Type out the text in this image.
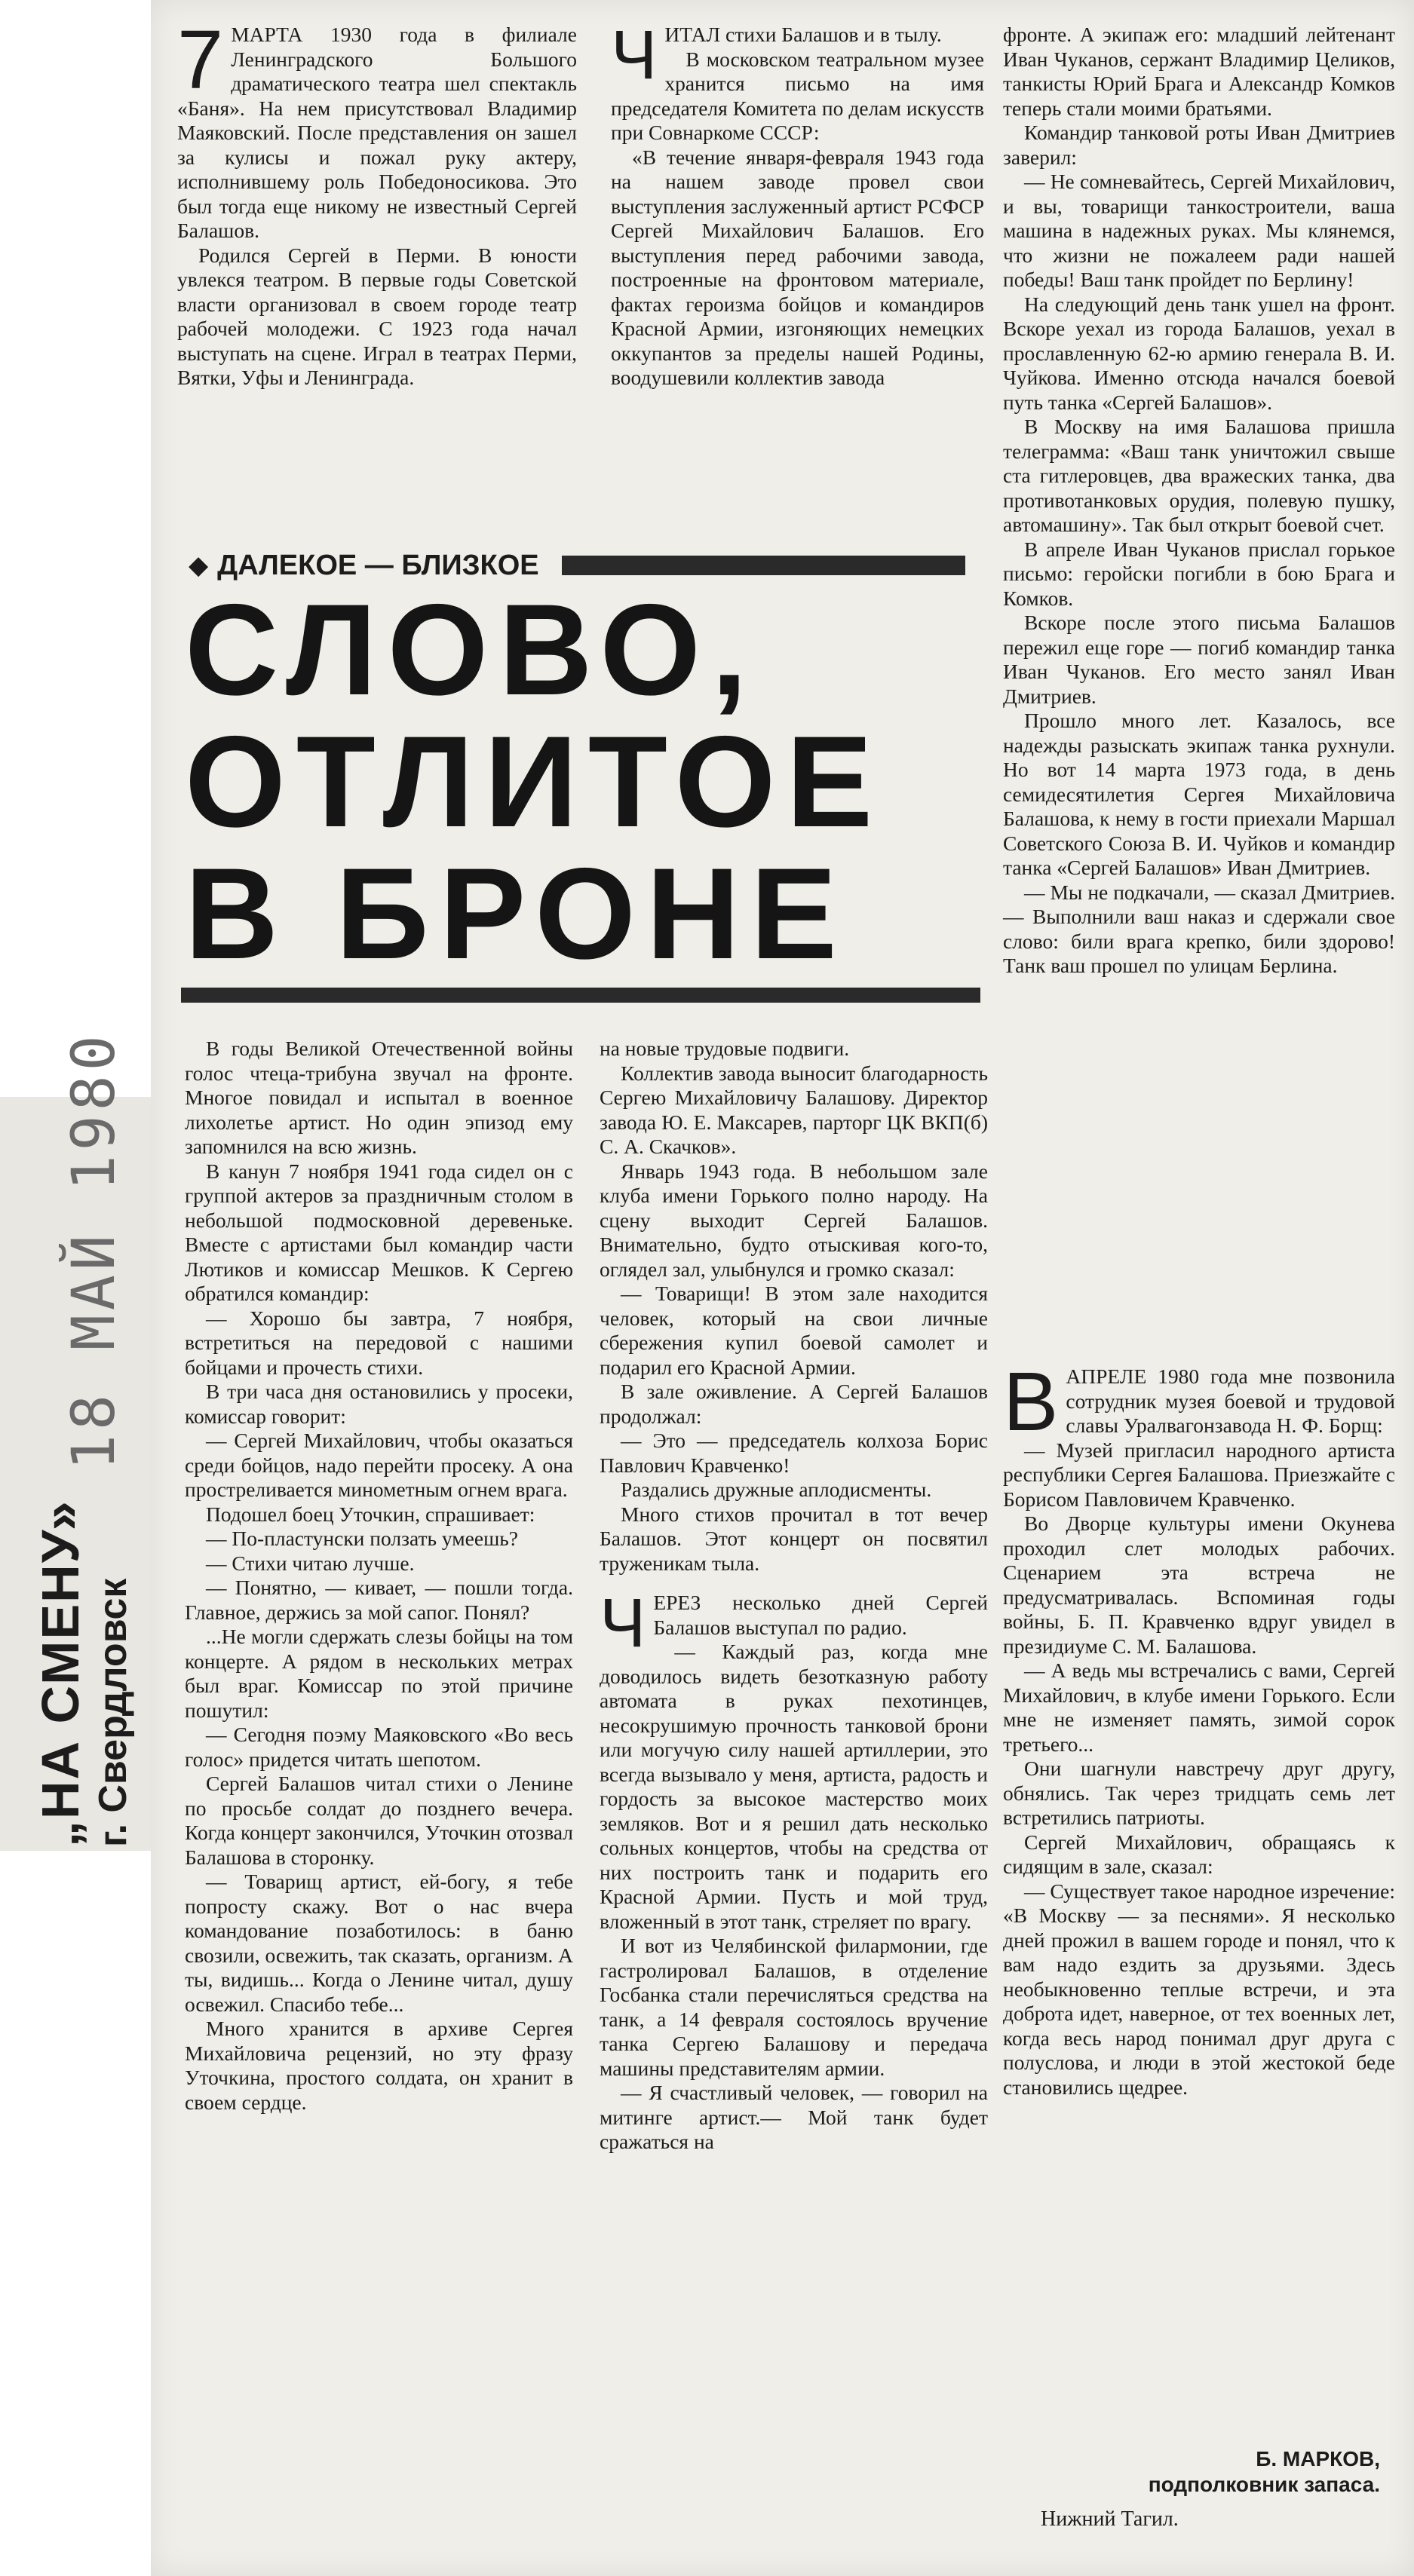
„НА СМЕНУ» г. Свердловск
18 МАЙ 1980
7 МАРТА 1930 года в филиале Ленинградского Большого драматического театра шел спектакль «Баня». На нем присутствовал Владимир Маяковский. После представления он зашел за кулисы и пожал руку актеру, исполнившему роль Победоносикова. Это был тогда еще никому не известный Сергей Балашов.

Родился Сергей в Перми. В юности увлекся театром. В первые годы Советской власти организовал в своем городе театр рабочей молодежи. С 1923 года начал выступать на сцене. Играл в театрах Перми, Вятки, Уфы и Ленинграда.

Ч ИТАЛ стихи Балашов и в тылу.

В московском театральном музее хранится письмо на имя председателя Комитета по делам искусств при Совнаркоме СССР:

«В течение января-февраля 1943 года на нашем заводе провел свои выступления заслуженный артист РСФСР Сергей Михайлович Балашов. Его выступления перед рабочими завода, построенные на фронтовом материале, фактах героизма бойцов и командиров Красной Армии, изгоняющих немецких оккупантов за пределы нашей Родины, воодушевили коллектив завода

фронте. А экипаж его: младший лейтенант Иван Чуканов, сержант Владимир Целиков, танкисты Юрий Брага и Александр Комков теперь стали моими братьями.

Командир танковой роты Иван Дмитриев заверил:

— Не сомневайтесь, Сергей Михайлович, и вы, товарищи танкостроители, ваша машина в надежных руках. Мы клянемся, что жизни не пожалеем ради нашей победы! Ваш танк пройдет по Берлину!

На следующий день танк ушел на фронт. Вскоре уехал из города Балашов, уехал в прославленную 62-ю армию генерала В. И. Чуйкова. Именно отсюда начался боевой путь танка «Сергей Балашов».

В Москву на имя Балашова пришла телеграмма: «Ваш танк уничтожил свыше ста гитлеровцев, два вражеских танка, два противотанковых орудия, полевую пушку, автомашину». Так был открыт боевой счет.

В апреле Иван Чуканов прислал горькое письмо: геройски погибли в бою Брага и Комков.

Вскоре после этого письма Балашов пережил еще горе — погиб командир танка Иван Чуканов. Его место занял Иван Дмитриев.

Прошло много лет. Казалось, все надежды разыскать экипаж танка рухнули. Но вот 14 марта 1973 года, в день семидесятилетия Сергея Михайловича Балашова, к нему в гости приехали Маршал Советского Союза В. И. Чуйков и командир танка «Сергей Балашов» Иван Дмитриев.

— Мы не подкачали, — сказал Дмитриев. — Выполнили ваш наказ и сдержали свое слово: били врага крепко, били здорово! Танк ваш прошел по улицам Берлина.

◆ ДАЛЕКОЕ — БЛИЗКОЕ
СЛОВО,
ОТЛИТОЕ
В БРОНЕ

В годы Великой Отечественной войны голос чтеца-трибуна звучал на фронте. Многое повидал и испытал в военное лихолетье артист. Но один эпизод ему запомнился на всю жизнь.

В канун 7 ноября 1941 года сидел он с группой актеров за праздничным столом в небольшой подмосковной деревеньке. Вместе с артистами был командир части Лютиков и комиссар Мешков. К Сергею обратился командир:

— Хорошо бы завтра, 7 ноября, встретиться на передовой с нашими бойцами и прочесть стихи.

В три часа дня остановились у просеки, комиссар говорит:

— Сергей Михайлович, чтобы оказаться среди бойцов, надо перейти просеку. А она простреливается минометным огнем врага.

Подошел боец Уточкин, спрашивает:

— По-пластунски ползать умеешь?

— Стихи читаю лучше.

— Понятно, — кивает, — пошли тогда. Главное, держись за мой сапог. Понял?

...Не могли сдержать слезы бойцы на том концерте. А рядом в нескольких метрах был враг. Комиссар по этой причине пошутил:

— Сегодня поэму Маяковского «Во весь голос» придется читать шепотом.

Сергей Балашов читал стихи о Ленине по просьбе солдат до позднего вечера. Когда концерт закончился, Уточкин отозвал Балашова в сторонку.

— Товарищ артист, ей-богу, я тебе попросту скажу. Вот о нас вчера командование позаботилось: в баню свозили, освежить, так сказать, организм. А ты, видишь... Когда о Ленине читал, душу освежил. Спасибо тебе...

Много хранится в архиве Сергея Михайловича рецензий, но эту фразу Уточкина, простого солдата, он хранит в своем сердце.

на новые трудовые подвиги.

Коллектив завода выносит благодарность Сергею Михайловичу Балашову. Директор завода Ю. Е. Максарев, парторг ЦК ВКП(б) С. А. Скачков».

Январь 1943 года. В небольшом зале клуба имени Горького полно народу. На сцену выходит Сергей Балашов. Внимательно, будто отыскивая кого-то, оглядел зал, улыбнулся и громко сказал:

— Товарищи! В этом зале находится человек, который на свои личные сбережения купил боевой самолет и подарил его Красной Армии.

В зале оживление. А Сергей Балашов продолжал:

— Это — председатель колхоза Борис Павлович Кравченко!

Раздались дружные аплодисменты.

Много стихов прочитал в тот вечер Балашов. Этот концерт он посвятил труженикам тыла.

Ч ЕРЕЗ несколько дней Сергей Балашов выступал по радио.

— Каждый раз, когда мне доводилось видеть безотказную работу автомата в руках пехотинцев, несокрушимую прочность танковой брони или могучую силу нашей артиллерии, это всегда вызывало у меня, артиста, радость и гордость за высокое мастерство моих земляков. Вот и я решил дать несколько сольных концертов, чтобы на средства от них построить танк и подарить его Красной Армии. Пусть и мой труд, вложенный в этот танк, стреляет по врагу.

И вот из Челябинской филармонии, где гастролировал Балашов, в отделение Госбанка стали перечисляться средства на танк, а 14 февраля состоялось вручение танка Сергею Балашову и передача машины представителям армии.

— Я счастливый человек, — говорил на митинге артист.— Мой танк будет сражаться на

В АПРЕЛЕ 1980 года мне позвонила сотрудник музея боевой и трудовой славы Уралвагонзавода Н. Ф. Борщ:

— Музей пригласил народного артиста республики Сергея Балашова. Приезжайте с Борисом Павловичем Кравченко.

Во Дворце культуры имени Окунева проходил слет молодых рабочих. Сценарием эта встреча не предусматривалась. Вспоминая годы войны, Б. П. Кравченко вдруг увидел в президиуме С. М. Балашова.

— А ведь мы встречались с вами, Сергей Михайлович, в клубе имени Горького. Если мне не изменяет память, зимой сорок третьего...

Они шагнули навстречу друг другу, обнялись. Так через тридцать семь лет встретились патриоты.

Сергей Михайлович, обращаясь к сидящим в зале, сказал:

— Существует такое народное изречение: «В Москву — за песнями». Я несколько дней прожил в вашем городе и понял, что к вам надо ездить за друзьями. Здесь необыкновенно теплые встречи, и эта доброта идет, наверное, от тех военных лет, когда весь народ понимал друг друга с полуслова, и люди в этой жестокой беде становились щедрее.

Б. МАРКОВ,
подполковник запаса.
Нижний Тагил.
